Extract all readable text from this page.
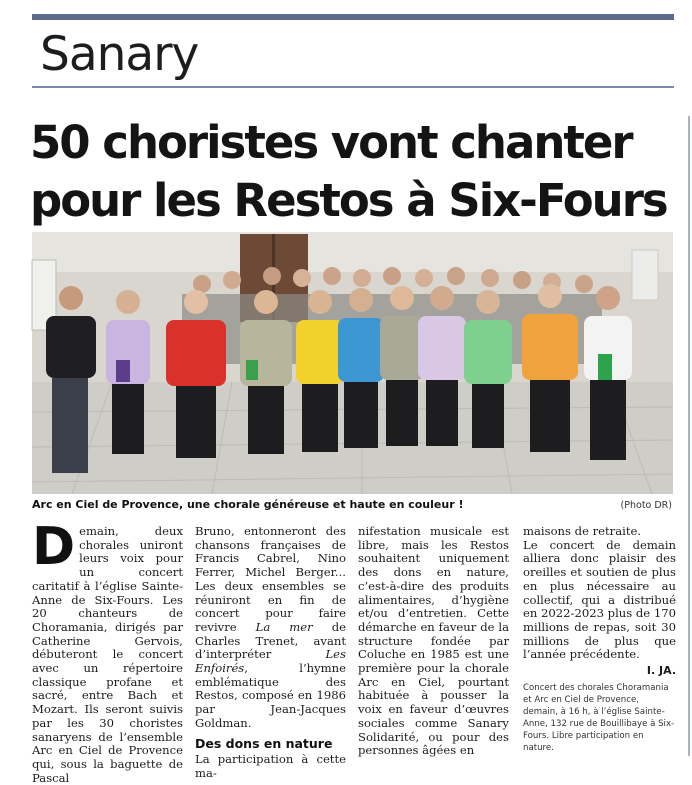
Sanary
50 choristes vont chanter
pour les Restos à Six-Fours
Arc en Ciel de Provence, une chorale généreuse et haute en couleur !	(Photo DR)
D emain, deux chorales uniront leurs voix pour un concert caritatif à l’église Sainte-Anne de Six-Fours. Les 20 chanteurs de Choramania, dirigés par Catherine Gervois, débuteront le concert avec un répertoire classique profane et sacré, entre Bach et Mozart. Ils seront suivis par les 30 choristes sanaryens de l’ensemble Arc en Ciel de Provence qui, sous la baguette de Pascal

Bruno, entonneront des chansons françaises de Francis Cabrel, Nino Ferrer, Michel Berger... Les deux ensembles se réuniront en fin de concert pour faire revivre La mer de Charles Trenet, avant d’interpréter Les Enfoirés, l’hymne emblématique des Restos, composé en 1986 par Jean-Jacques Goldman.

Des dons en nature

La participation à cette ma-

nifestation musicale est libre, mais les Restos souhaitent uniquement des dons en nature, c’est-à-dire des produits alimentaires, d’hygiène et/ou d’entretien. Cette démarche en faveur de la structure fondée par Coluche en 1985 est une première pour la chorale Arc en Ciel, pourtant habituée à pousser la voix en faveur d’œuvres sociales comme Sanary Solidarité, ou pour des personnes âgées en

maisons de retraite.

Le concert de demain alliera donc plaisir des oreilles et soutien de plus en plus nécessaire au collectif, qui a distribué en 2022-2023 plus de 170 millions de repas, soit 30 millions de plus que l’année précédente.

I. JA.
Concert des chorales Choramania et Arc en Ciel de Provence, demain, à 16 h, à l’église Sainte-Anne, 132 rue de Bouillibaye à Six-Fours. Libre participation en nature.
